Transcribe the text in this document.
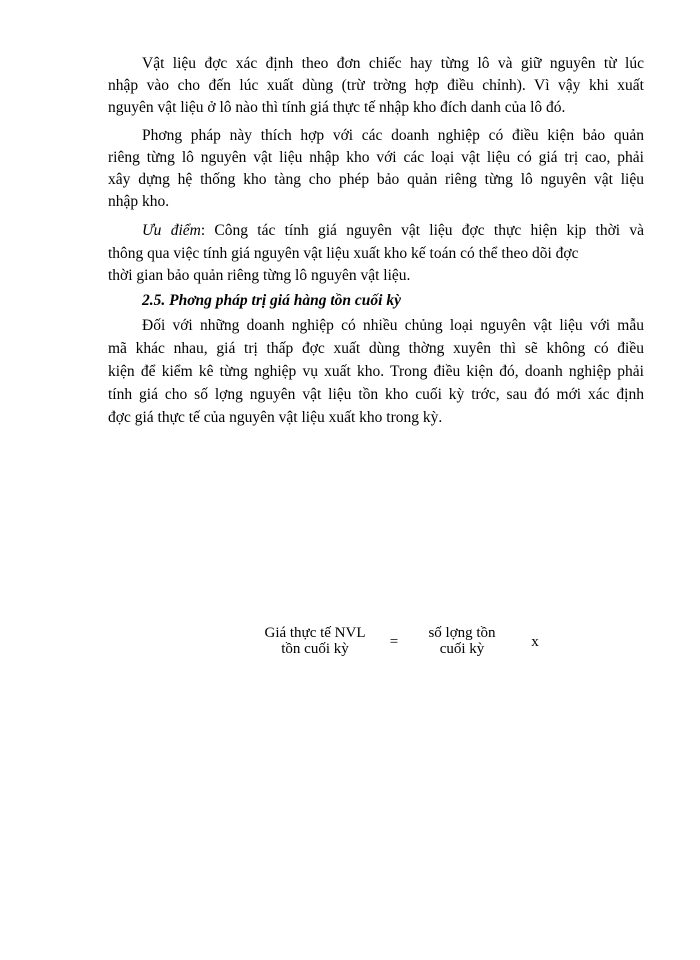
Vật liệu đợc xác định theo đơn chiếc hay từng lô và giữ nguyên từ lúc
nhập vào cho đến lúc xuất dùng (trừ trờng hợp điều chỉnh). Vì vậy khi xuất
nguyên vật liệu ở lô nào thì tính giá thực tế nhập kho đích danh của lô đó.
Phơng pháp này thích hợp với các doanh nghiệp có điều kiện bảo quản
riêng từng lô nguyên vật liệu nhập kho với các loại vật liệu có giá trị cao, phải
xây dựng hệ thống kho tàng cho phép bảo quản riêng từng lô nguyên vật liệu
nhập kho.
Ưu điểm: Công tác tính giá nguyên vật liệu đợc thực hiện kịp thời và
thông qua việc tính giá nguyên vật liệu xuất kho kế toán có thể theo dõi đợc
thời gian bảo quản riêng từng lô nguyên vật liệu.
2.5. Phơng pháp trị giá hàng tồn cuối kỳ
Đối với những doanh nghiệp có nhiều chủng loại nguyên vật liệu với mẫu
mã khác nhau, giá trị thấp đợc xuất dùng thờng xuyên thì sẽ không có điều
kiện để kiểm kê từng nghiệp vụ xuất kho. Trong điều kiện đó, doanh nghiệp phải
tính giá cho số lợng nguyên vật liệu tồn kho cuối kỳ trớc, sau đó mới xác định
đợc giá thực tế của nguyên vật liệu xuất kho trong kỳ.
Giá thực tế NVL
tồn cuối kỳ	=
số lợng tồn
cuối kỳ	x
